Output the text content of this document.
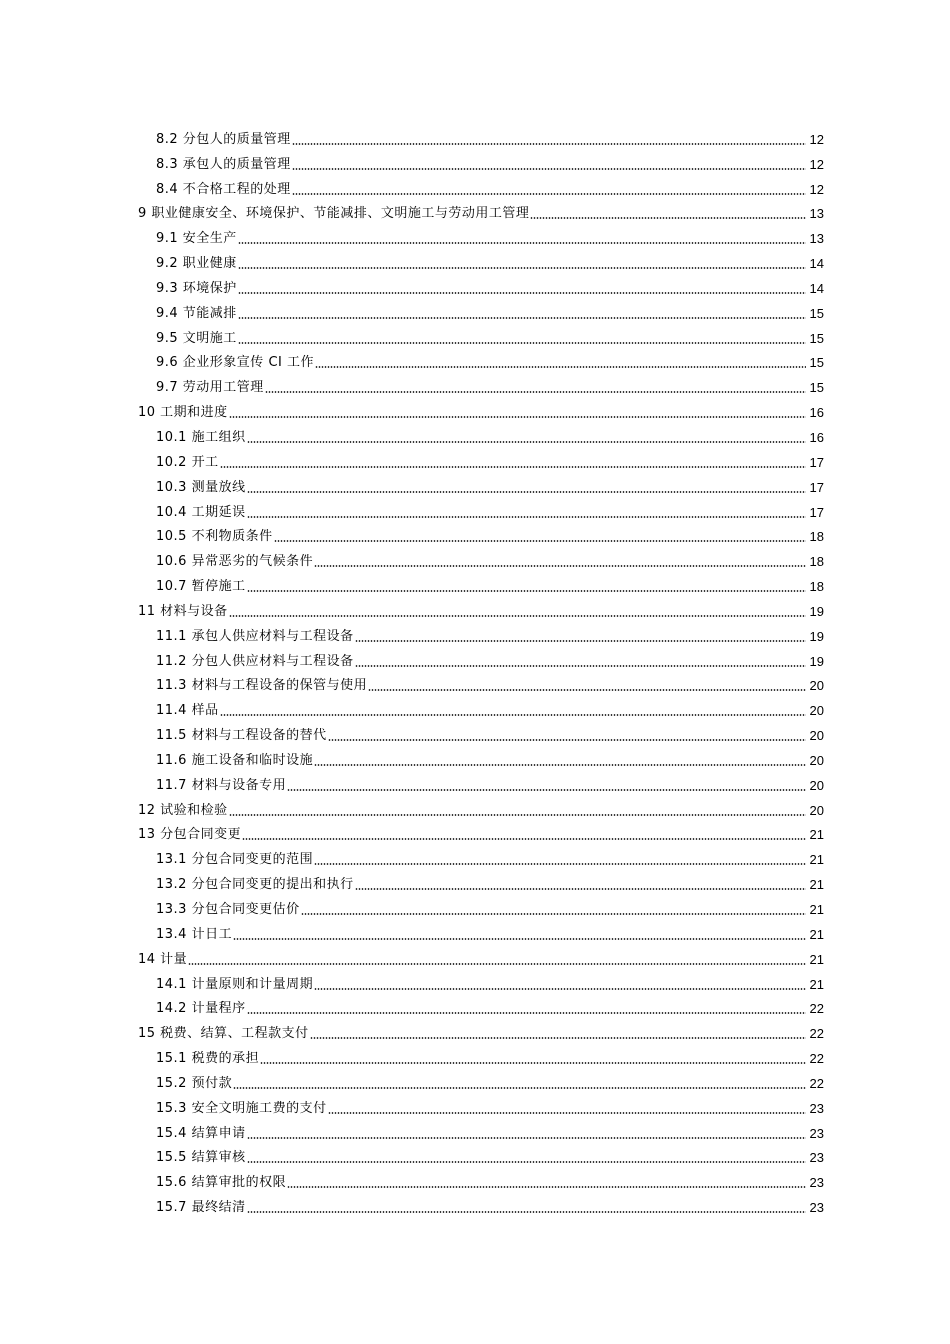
8.2 分包人的质量管理	12
8.3 承包人的质量管理	12
8.4 不合格工程的处理	12
9 职业健康安全、环境保护、节能减排、文明施工与劳动用工管理	13
9.1 安全生产	13
9.2 职业健康	14
9.3 环境保护	14
9.4 节能减排	15
9.5 文明施工	15
9.6 企业形象宣传 CI 工作	15
9.7 劳动用工管理	15
10 工期和进度	16
10.1 施工组织	16
10.2 开工	17
10.3 测量放线	17
10.4 工期延误	17
10.5 不利物质条件	18
10.6 异常恶劣的气候条件	18
10.7 暂停施工	18
11 材料与设备	19
11.1 承包人供应材料与工程设备	19
11.2 分包人供应材料与工程设备	19
11.3 材料与工程设备的保管与使用	20
11.4 样品	20
11.5 材料与工程设备的替代	20
11.6 施工设备和临时设施	20
11.7 材料与设备专用	20
12 试验和检验	20
13 分包合同变更	21
13.1 分包合同变更的范围	21
13.2 分包合同变更的提出和执行	21
13.3 分包合同变更估价	21
13.4 计日工	21
14 计量	21
14.1 计量原则和计量周期	21
14.2 计量程序	22
15 税费、结算、工程款支付	22
15.1 税费的承担	22
15.2 预付款	22
15.3 安全文明施工费的支付	23
15.4 结算申请	23
15.5 结算审核	23
15.6 结算审批的权限	23
15.7 最终结清	23
